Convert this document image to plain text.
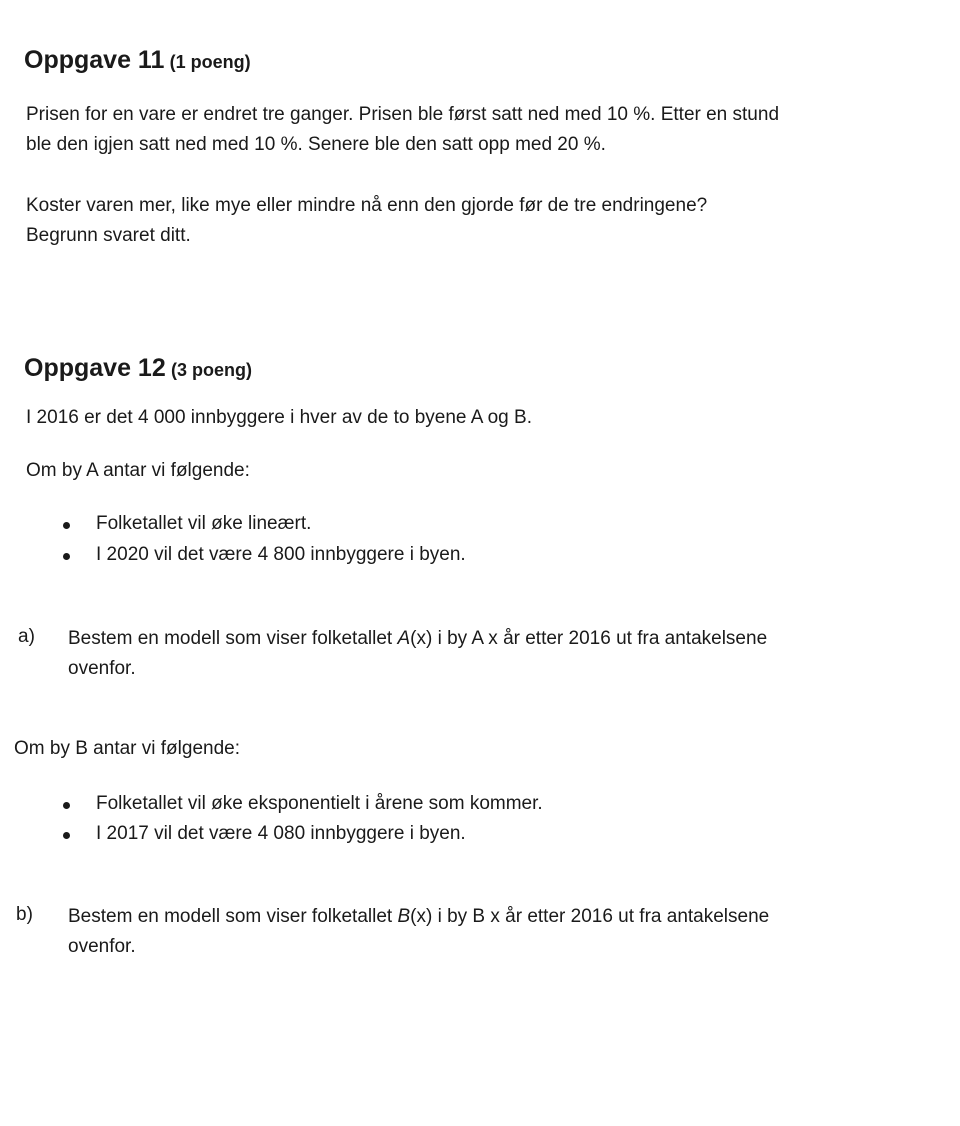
Oppgave 11 (1 poeng)
Prisen for en vare er endret tre ganger. Prisen ble først satt ned med 10 %. Etter en stund
ble den igjen satt ned med 10 %. Senere ble den satt opp med 20 %.
Koster varen mer, like mye eller mindre nå enn den gjorde før de tre endringene?
Begrunn svaret ditt.
Oppgave 12 (3 poeng)
I 2016 er det 4 000 innbyggere i hver av de to byene A og B.
Om by A antar vi følgende:
Folketallet vil øke lineært.
I 2020 vil det være 4 800 innbyggere i byen.
a) Bestem en modell som viser folketallet A(x) i by A x år etter 2016 ut fra antakelsene
ovenfor.
Om by B antar vi følgende:
Folketallet vil øke eksponentielt i årene som kommer.
I 2017 vil det være 4 080 innbyggere i byen.
b) Bestem en modell som viser folketallet B(x) i by B x år etter 2016 ut fra antakelsene
ovenfor.
